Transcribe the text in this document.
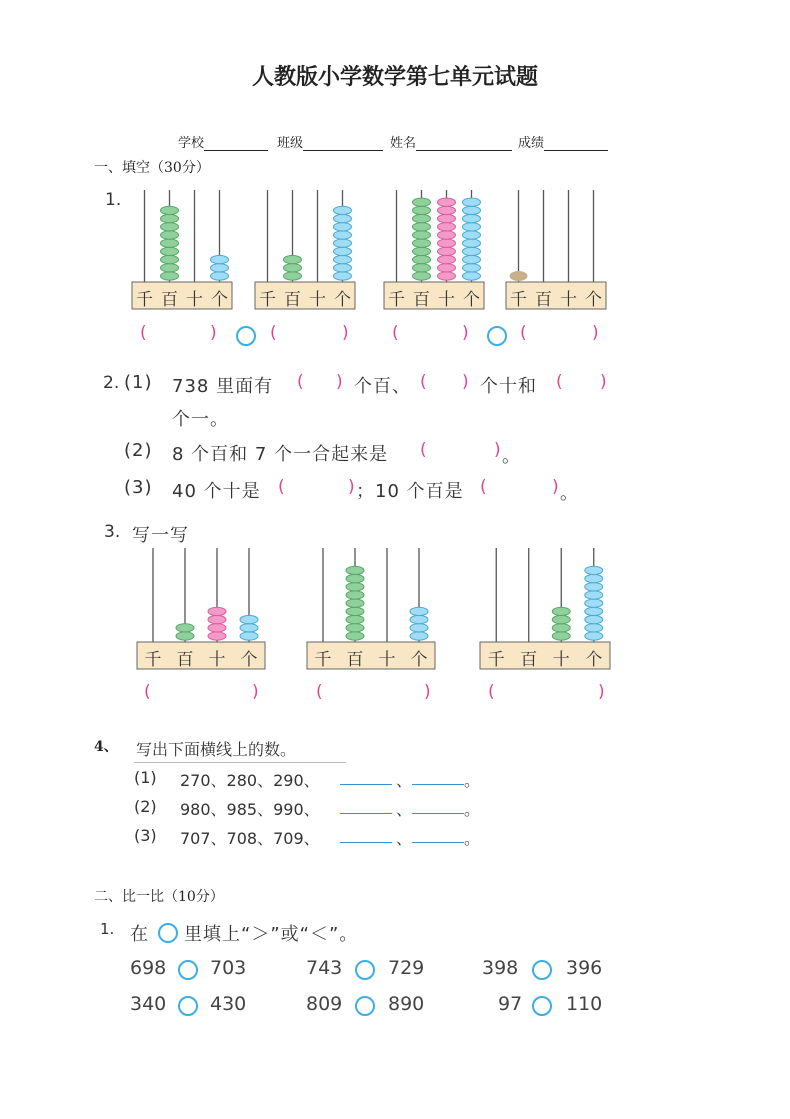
人教版小学数学第七单元试题
学校	班级	姓名	成绩
一、填空（30分）
1.
千 百 十 个 千 百 十 个 千 百 十 个 千 百 十 个
千 百 十 个	千 百 十 个	千 百 十 个
(	)	(	)	(	)	(	)
2. (1) 738 里面有 ( ) 个百、 ( ) 个十和 ( )
个一。
(2) 8 个百和 7 个一合起来是 (	) 。
(3) 40 个十是 (	) ；10 个百是 (	) 。
3. 写一写
(	)	(	)	(	)
4、 写出下面横线上的数。
(1) 270、280、290、	、	。
(2) 980、985、990、	、	。
(3) 707、708、709、	、	。
二、比一比（10分）
1. 在 里填上“＞”或“＜”。
698 703	743 729	398	396
340 430	809 890	97 110
